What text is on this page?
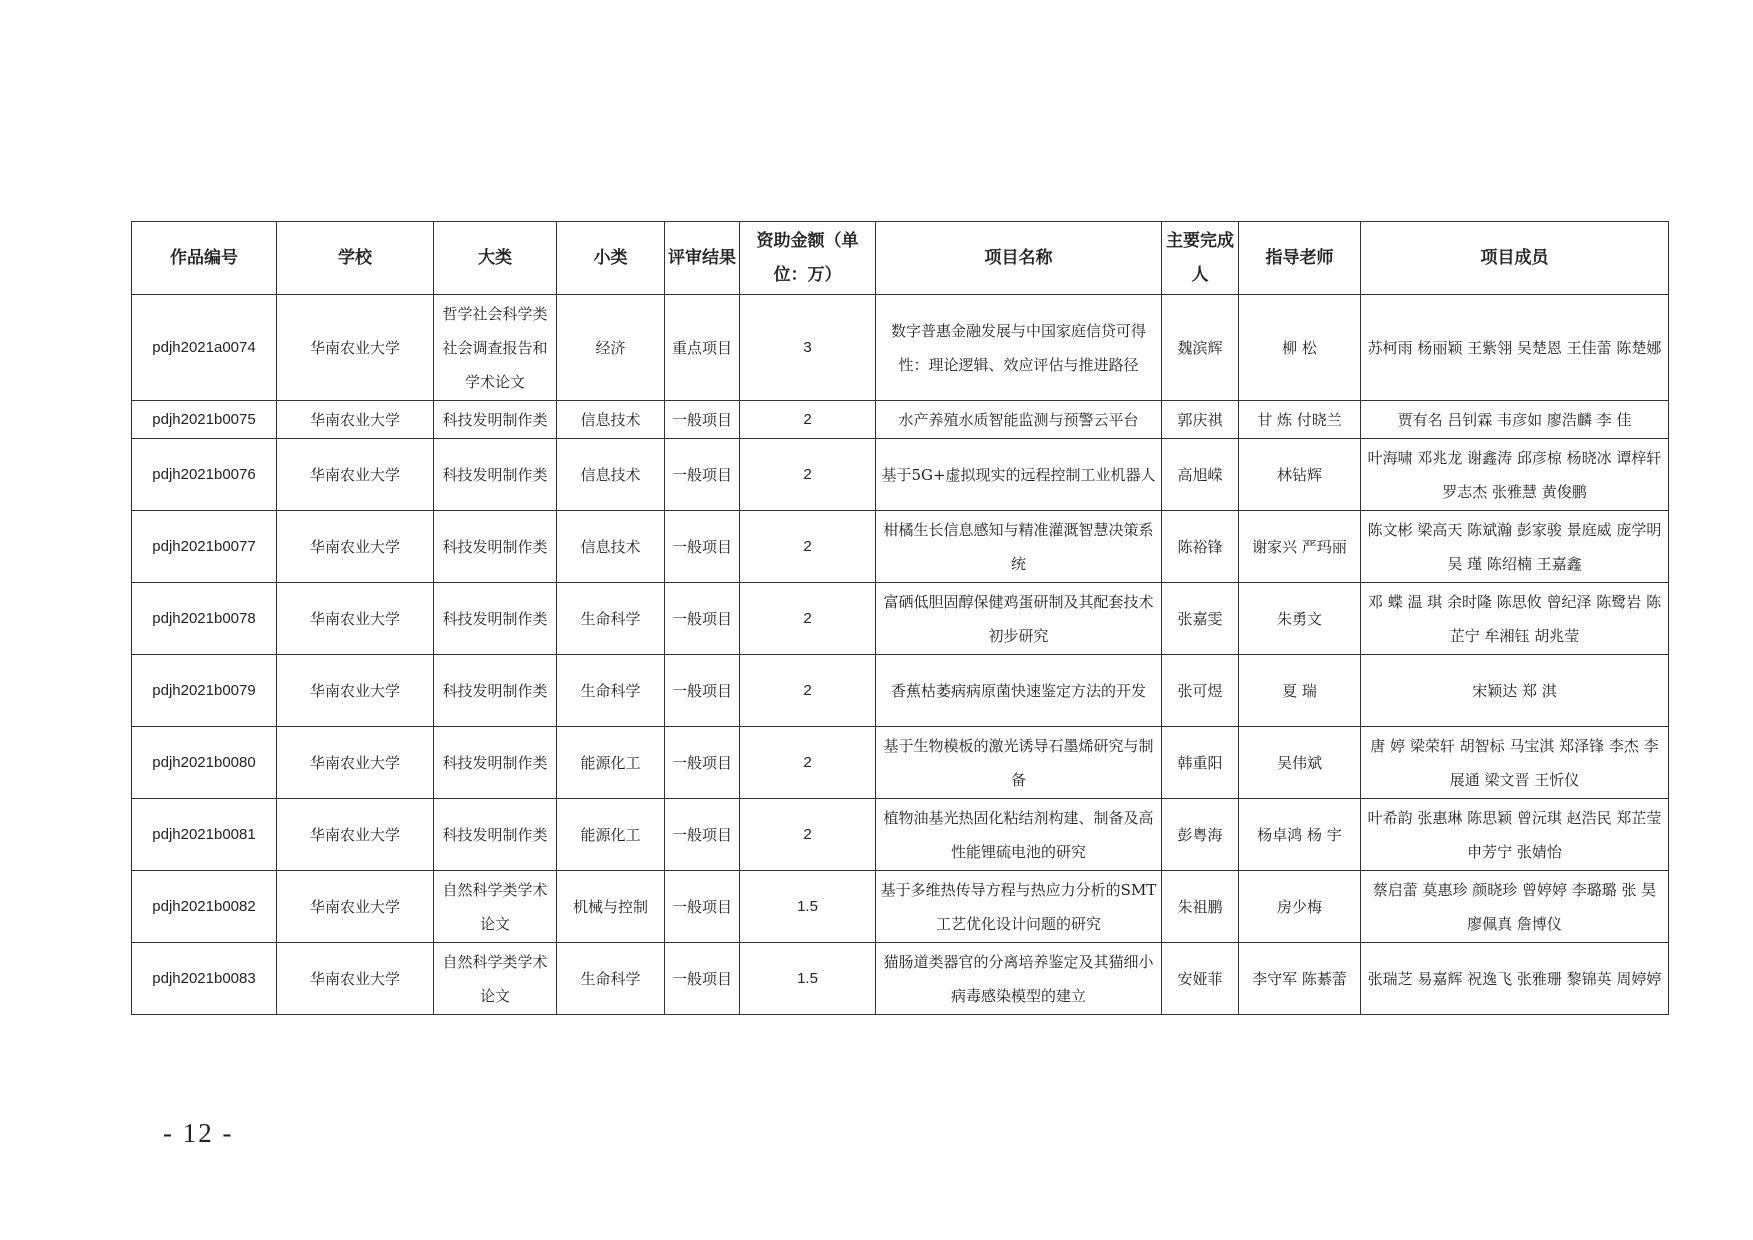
作品编号	学校	大类	小类	评审结果	资助金额（单位：万）	项目名称	主要完成人	指导老师	项目成员
pdjh2021a0074	华南农业大学	哲学社会科学类社会调查报告和学术论文	经济	重点项目	3	数字普惠金融发展与中国家庭信贷可得性：理论逻辑、效应评估与推进路径	魏滨辉	柳 松	苏柯雨 杨丽颖 王紫翎 吴楚恩 王佳蕾 陈楚娜
pdjh2021b0075	华南农业大学	科技发明制作类	信息技术	一般项目	2	水产养殖水质智能监测与预警云平台	郭庆祺	甘 炼 付晓兰	贾有名 吕钊霖 韦彦如 廖浩麟 李 佳
pdjh2021b0076	华南农业大学	科技发明制作类	信息技术	一般项目	2	基于5G+虚拟现实的远程控制工业机器人	高旭嵘	林钻辉	叶海啸 邓兆龙 谢鑫涛 邱彦椋 杨晓冰 谭梓轩 罗志杰 张雅慧 黄俊鹏
pdjh2021b0077	华南农业大学	科技发明制作类	信息技术	一般项目	2	柑橘生长信息感知与精准灌溉智慧决策系统	陈裕锋	谢家兴 严玛丽	陈文彬 梁高天 陈斌瀚 彭家骏 景庭威 庞学明 吴 瑾 陈绍楠 王嘉鑫
pdjh2021b0078	华南农业大学	科技发明制作类	生命科学	一般项目	2	富硒低胆固醇保健鸡蛋研制及其配套技术初步研究	张嘉雯	朱勇文	邓 蝶 温 琪 余时隆 陈思攸 曾纪泽 陈鹭岩 陈芷宁 牟湘钰 胡兆莹
pdjh2021b0079	华南农业大学	科技发明制作类	生命科学	一般项目	2	香蕉枯萎病病原菌快速鉴定方法的开发	张可煜	夏 瑞	宋颖达 郑 淇
pdjh2021b0080	华南农业大学	科技发明制作类	能源化工	一般项目	2	基于生物模板的激光诱导石墨烯研究与制备	韩重阳	吴伟斌	唐 婷 梁荣轩 胡智标 马宝淇 郑泽锋 李杰 李展通 梁文晋 王忻仪
pdjh2021b0081	华南农业大学	科技发明制作类	能源化工	一般项目	2	植物油基光热固化粘结剂构建、制备及高性能锂硫电池的研究	彭粤海	杨卓鸿 杨 宇	叶希韵 张惠琳 陈思颖 曾沅琪 赵浩民 郑芷莹 申芳宁 张婧怡
pdjh2021b0082	华南农业大学	自然科学类学术论文	机械与控制	一般项目	1.5	基于多维热传导方程与热应力分析的SMT工艺优化设计问题的研究	朱祖鹏	房少梅	蔡启蕾 莫惠珍 颜晓珍 曾婷婷 李璐璐 张 昊 廖佩真 詹博仪
pdjh2021b0083	华南农业大学	自然科学类学术论文	生命科学	一般项目	1.5	猫肠道类器官的分离培养鉴定及其猫细小病毒感染模型的建立	安娅菲	李守军 陈綦蕾	张瑞芝 易嘉辉 祝逸飞 张雅珊 黎锦英 周婷婷
- 12 -
